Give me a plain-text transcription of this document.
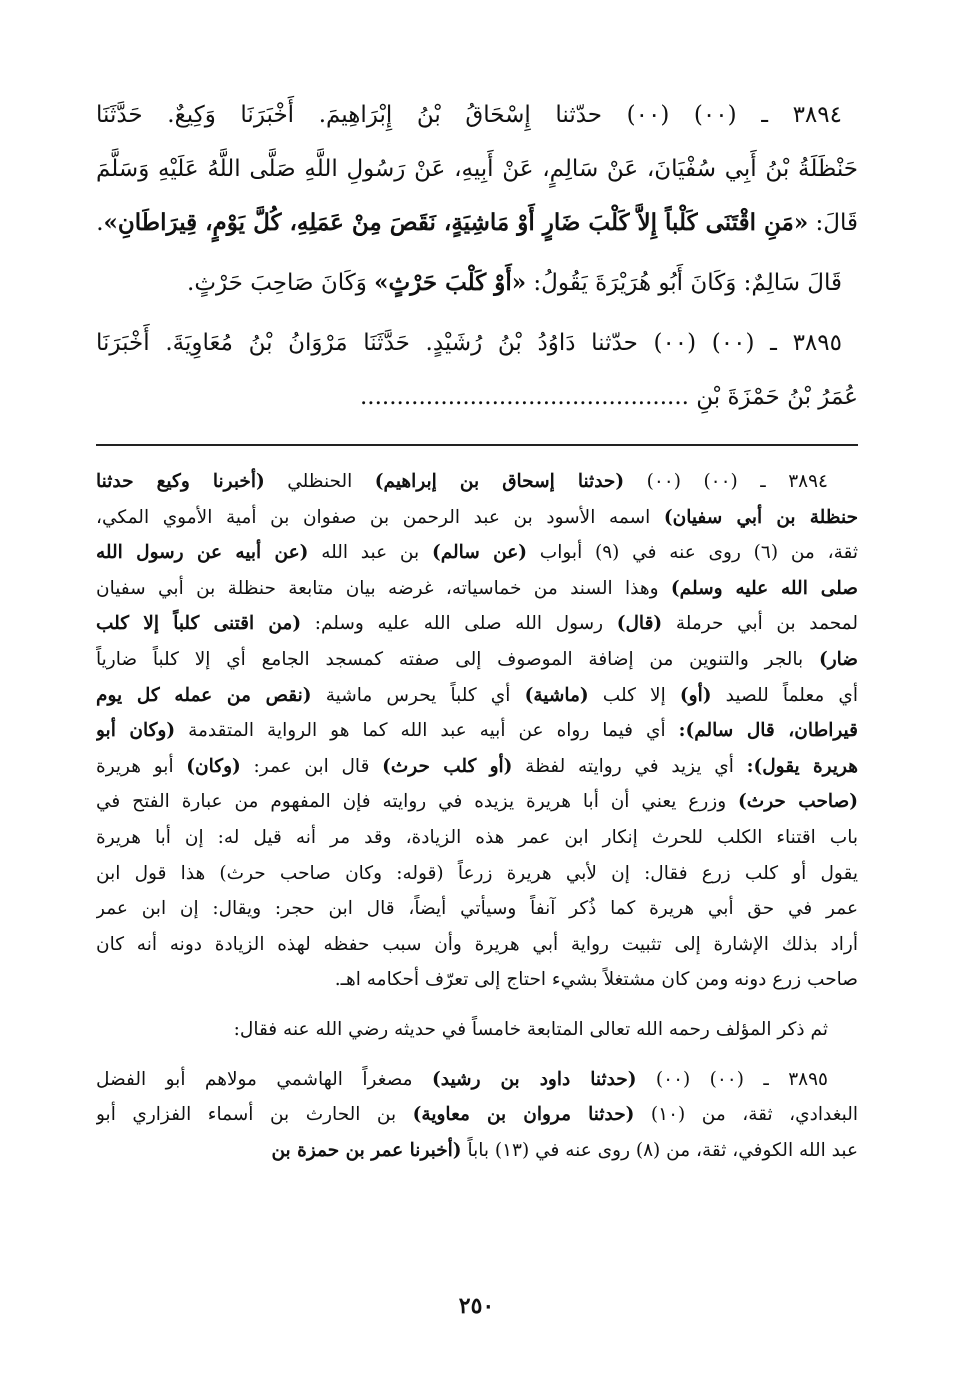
٣٨٩٤ ـ (٠٠) (٠٠) حدّثنا إِسْحَاقُ بْنُ إِبْرَاهِيمَ. أَخْبَرَنَا وَكِيعٌ. حَدَّثَنَا

حَنْظَلَةُ بْنُ أَبِي سُفْيَانَ، عَنْ سَالِمٍ، عَنْ أَبِيهِ، عَنْ رَسُولِ اللَّهِ صَلَّى اللَّهُ عَلَيْهِ وَسَلَّمَ

قَالَ: «مَنِ اقْتَنَى كَلْباً إِلاَّ كَلْبَ ضَارٍ أَوْ مَاشِيَةٍ، نَقَصَ مِنْ عَمَلِهِ، كُلَّ يَوْمٍ، قِيرَاطَانِ».

قَالَ سَالِمٌ: وَكَانَ أَبُو هُرَيْرَةَ يَقُولُ: «أَوْ كَلْبَ حَرْثٍ» وَكَانَ صَاحِبَ حَرْثٍ.

٣٨٩٥ ـ (٠٠) (٠٠) حدّثنا دَاوُدُ بْنُ رُشَيْدٍ. حَدَّثَنَا مَرْوَانُ بْنُ مُعَاوِيَةَ. أَخْبَرَنَا

عُمَرُ بْنُ حَمْزَةَ بْنِ .............................................

٣٨٩٤ ـ (٠٠) (٠٠) (حدثنا إسحاق بن إبراهيم) الحنظلي (أخبرنا وكيع حدثنا

حنظلة بن أبي سفيان) اسمه الأسود بن عبد الرحمن بن صفوان بن أمية الأموي المكي،

ثقة، من (٦) روى عنه في (٩) أبواب (عن سالم) بن عبد الله (عن أبيه عن رسول الله

صلى الله عليه وسلم) وهذا السند من خماسياته، غرضه بيان متابعة حنظلة بن أبي سفيان

لمحمد بن أبي حرملة (قال) رسول الله صلى الله عليه وسلم: (من اقتنى كلباً إلا كلب

ضار) بالجر والتنوين من إضافة الموصوف إلى صفته كمسجد الجامع أي إلا كلباً ضارياً

أي معلماً للصيد (أو) إلا كلب (ماشية) أي كلباً يحرس ماشية (نقص من عمله كل يوم

قيراطان، قال سالم): أي فيما رواه عن أبيه عبد الله كما هو الرواية المتقدمة (وكان أبو

هريرة يقول): أي يزيد في روايته لفظة (أو كلب حرث) قال ابن عمر: (وكان) أبو هريرة

(صاحب حرث) وزرع يعني أن أبا هريرة يزيده في روايته فإن المفهوم من عبارة الفتح في

باب اقتناء الكلب للحرث إنكار ابن عمر هذه الزيادة، وقد مر أنه قيل له: إن أبا هريرة

يقول أو كلب زرع فقال: إن لأبي هريرة زرعاً (قوله: وكان صاحب حرث) هذا قول ابن

عمر في حق أبي هريرة كما ذُكر آنفاً وسيأتي أيضاً، قال ابن حجر: ويقال: إن ابن عمر

أراد بذلك الإشارة إلى تثبيت رواية أبي هريرة وأن سبب حفظه لهذه الزيادة دونه أنه كان

صاحب زرع دونه ومن كان مشتغلاً بشيء احتاج إلى تعرّف أحكامه اهـ.

ثم ذكر المؤلف رحمه الله تعالى المتابعة خامساً في حديثه رضي الله عنه فقال:

٣٨٩٥ ـ (٠٠) (٠٠) (حدثنا داود بن رشيد) مصغراً الهاشمي مولاهم أبو الفضل

البغدادي، ثقة، من (١٠) (حدثنا مروان بن معاوية) بن الحارث بن أسماء الفزاري أبو

عبد الله الكوفي، ثقة، من (٨) روى عنه في (١٣) باباً (أخبرنا عمر بن حمزة بن

٢٥٠
